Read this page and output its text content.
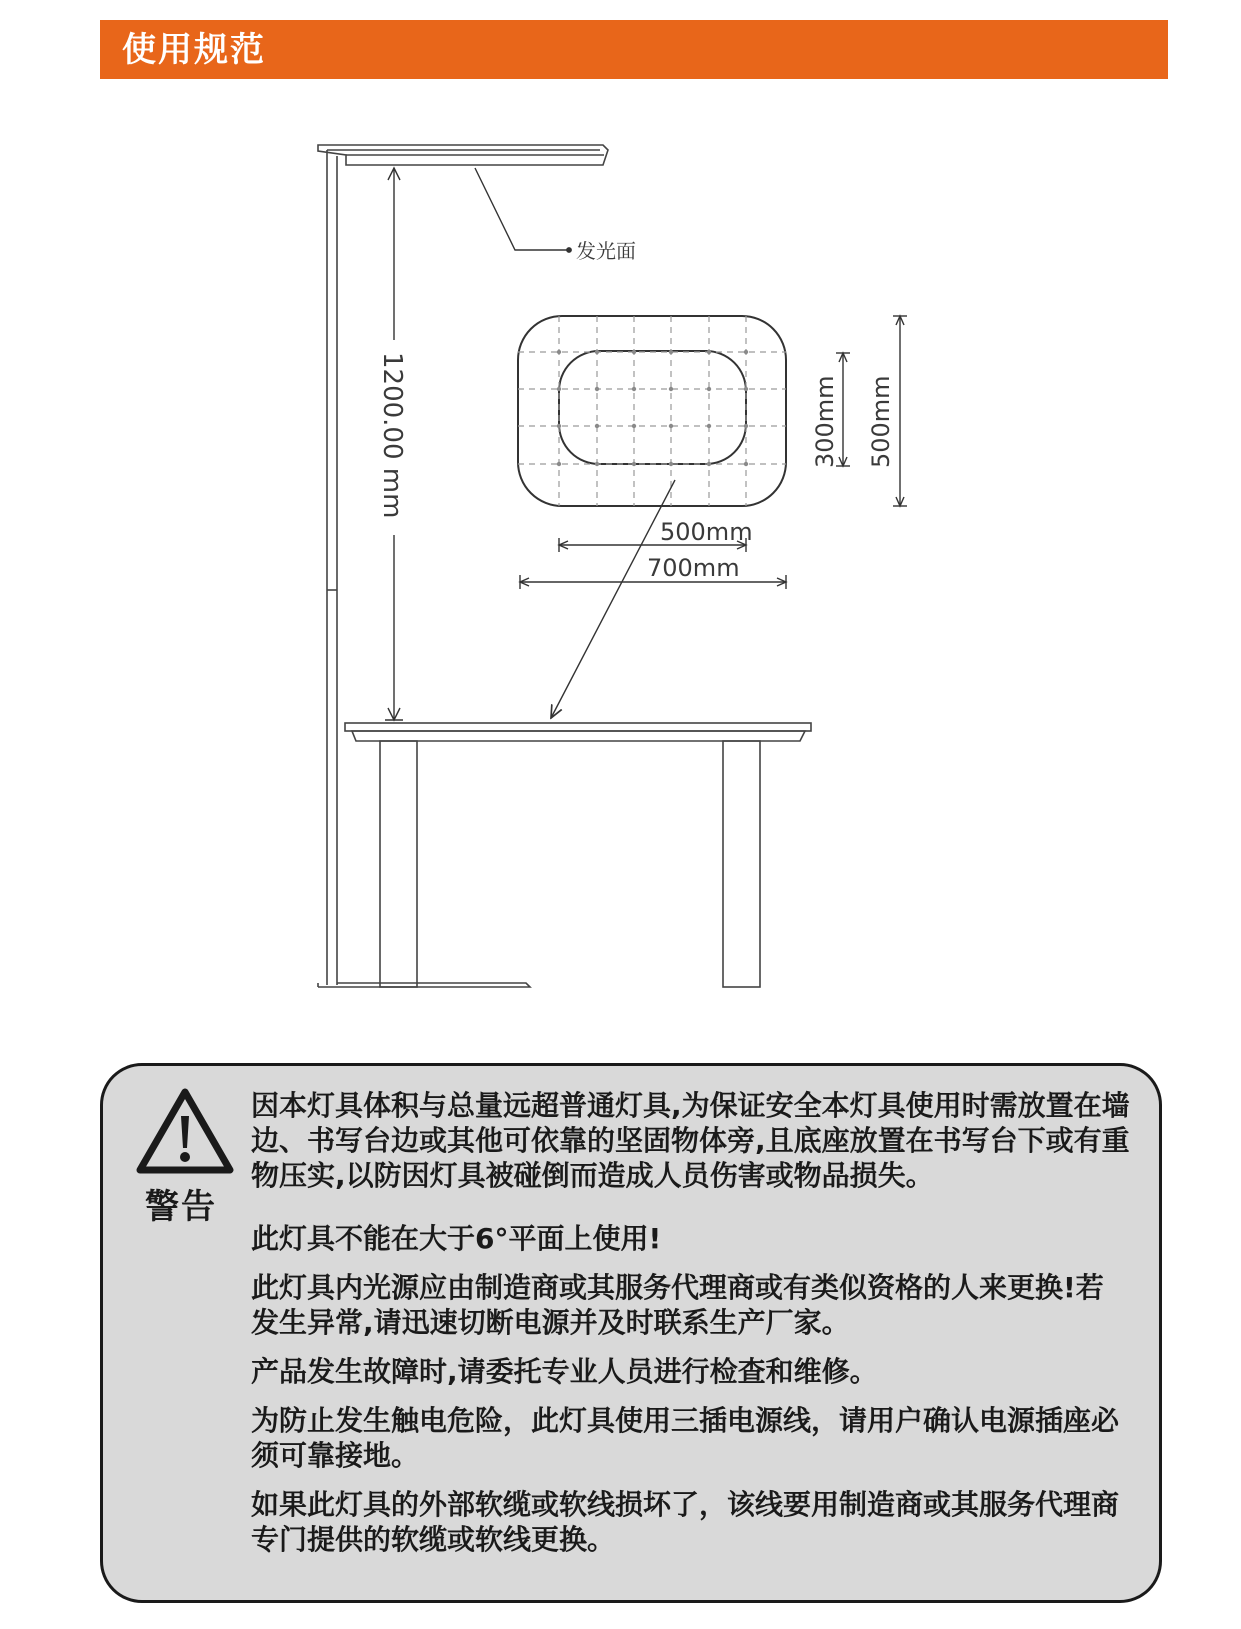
使用规范
1200.00 mm
发光面
300mm 500mm
500mm
700mm
警告

因本灯具体积与总量远超普通灯具,为保证安全本灯具使用时需放置在墙边、书写台边或其他可依靠的坚固物体旁,且底座放置在书写台下或有重物压实,以防因灯具被碰倒而造成人员伤害或物品损失。

此灯具不能在大于6°平面上使用!

此灯具内光源应由制造商或其服务代理商或有类似资格的人来更换!若发生异常,请迅速切断电源并及时联系生产厂家。

产品发生故障时,请委托专业人员进行检查和维修。

为防止发生触电危险，此灯具使用三插电源线，请用户确认电源插座必须可靠接地。

如果此灯具的外部软缆或软线损坏了，该线要用制造商或其服务代理商专门提供的软缆或软线更换。
